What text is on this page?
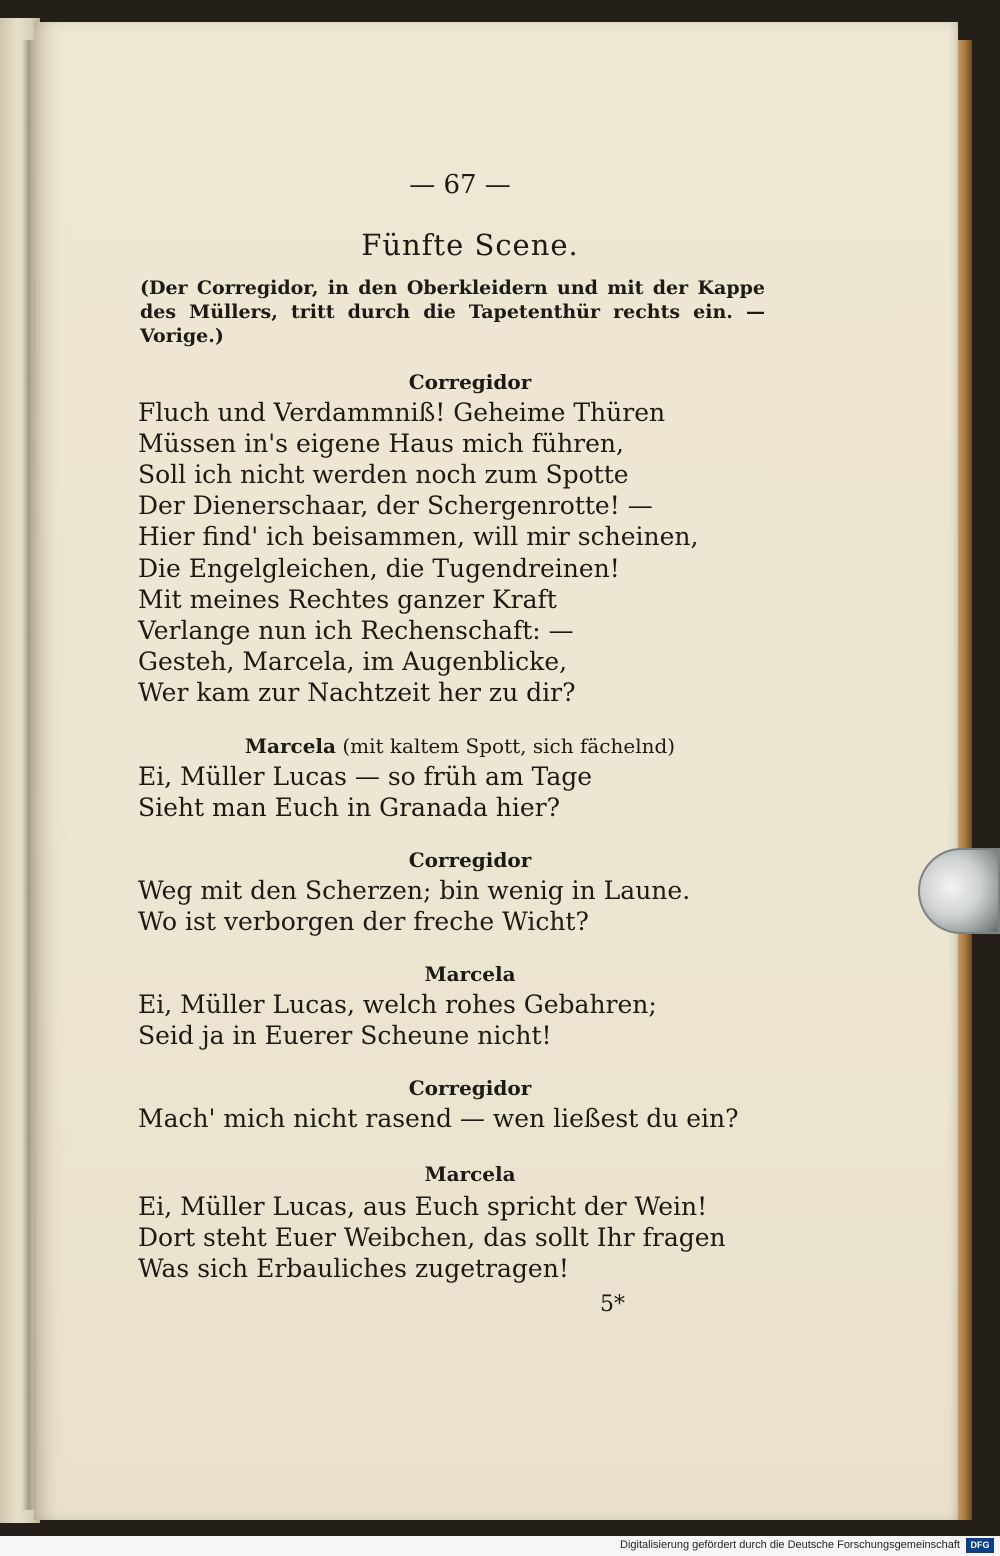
— 67 —
Fünfte Scene.
(Der Corregidor, in den Oberkleidern und mit der Kappe des Müllers, tritt durch die Tapetenthür rechts ein. — Vorige.)
Corregidor
Fluch und Verdammniß! Geheime Thüren
Müssen in's eigene Haus mich führen,
Soll ich nicht werden noch zum Spotte
Der Dienerschaar, der Schergenrotte! —
Hier find' ich beisammen, will mir scheinen,
Die Engelgleichen, die Tugendreinen!
Mit meines Rechtes ganzer Kraft
Verlange nun ich Rechenschaft: —
Gesteh, Marcela, im Augenblicke,
Wer kam zur Nachtzeit her zu dir?
Marcela (mit kaltem Spott, sich fächelnd)
Ei, Müller Lucas — so früh am Tage
Sieht man Euch in Granada hier?
Corregidor
Weg mit den Scherzen; bin wenig in Laune.
Wo ist verborgen der freche Wicht?
Marcela
Ei, Müller Lucas, welch rohes Gebahren;
Seid ja in Euerer Scheune nicht!
Corregidor
Mach' mich nicht rasend — wen ließest du ein?
Marcela
Ei, Müller Lucas, aus Euch spricht der Wein!
Dort steht Euer Weibchen, das sollt Ihr fragen
Was sich Erbauliches zugetragen!
5*
Digitalisierung gefördert durch die Deutsche Forschungsgemeinschaft	DFG
